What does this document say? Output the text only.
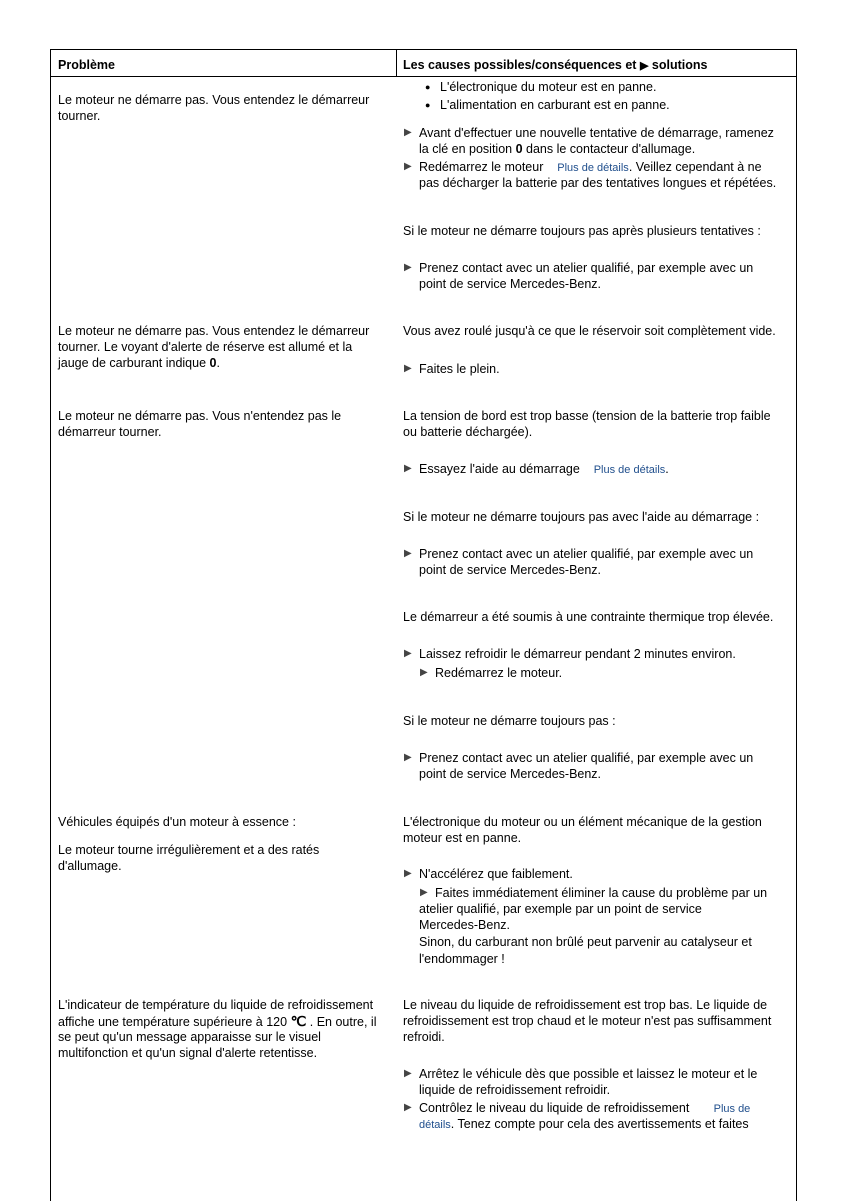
Problème	Les causes possibles/conséquences et ▶ solutions
Le moteur ne démarre pas. Vous entendez le démarreur
tourner.
● L'électronique du moteur est en panne.
● L'alimentation en carburant est en panne.
▶ Avant d'effectuer une nouvelle tentative de démarrage, ramenez
la clé en position 0 dans le contacteur d'allumage.
▶ Redémarrez le moteur Plus de détails. Veillez cependant à ne
pas décharger la batterie par des tentatives longues et répétées.
Si le moteur ne démarre toujours pas après plusieurs tentatives :
▶ Prenez contact avec un atelier qualifié, par exemple avec un
point de service Mercedes-Benz.
Le moteur ne démarre pas. Vous entendez le démarreur
tourner. Le voyant d'alerte de réserve est allumé et la
jauge de carburant indique 0.
Vous avez roulé jusqu'à ce que le réservoir soit complètement vide.
▶ Faites le plein.
Le moteur ne démarre pas. Vous n'entendez pas le
démarreur tourner.
La tension de bord est trop basse (tension de la batterie trop faible
ou batterie déchargée).
▶ Essayez l'aide au démarrage Plus de détails.
Si le moteur ne démarre toujours pas avec l'aide au démarrage :
▶ Prenez contact avec un atelier qualifié, par exemple avec un
point de service Mercedes-Benz.
Le démarreur a été soumis à une contrainte thermique trop élevée.
▶ Laissez refroidir le démarreur pendant 2 minutes environ.
▶ Redémarrez le moteur.
Si le moteur ne démarre toujours pas :
▶ Prenez contact avec un atelier qualifié, par exemple avec un
point de service Mercedes-Benz.
Véhicules équipés d'un moteur à essence :
Le moteur tourne irrégulièrement et a des ratés
d'allumage.
L'électronique du moteur ou un élément mécanique de la gestion
moteur est en panne.
▶ N'accélérez que faiblement.
▶ Faites immédiatement éliminer la cause du problème par un
atelier qualifié, par exemple par un point de service
Mercedes-Benz.
Sinon, du carburant non brûlé peut parvenir au catalyseur et
l'endommager !
L'indicateur de température du liquide de refroidissement
affiche une température supérieure à 120 ℃ . En outre, il
se peut qu'un message apparaisse sur le visuel
multifonction et qu'un signal d'alerte retentisse.
Le niveau du liquide de refroidissement est trop bas. Le liquide de
refroidissement est trop chaud et le moteur n'est pas suffisamment
refroidi.
▶ Arrêtez le véhicule dès que possible et laissez le moteur et le
liquide de refroidissement refroidir.
▶ Contrôlez le niveau du liquide de refroidissement Plus de
détails. Tenez compte pour cela des avertissements et faites
